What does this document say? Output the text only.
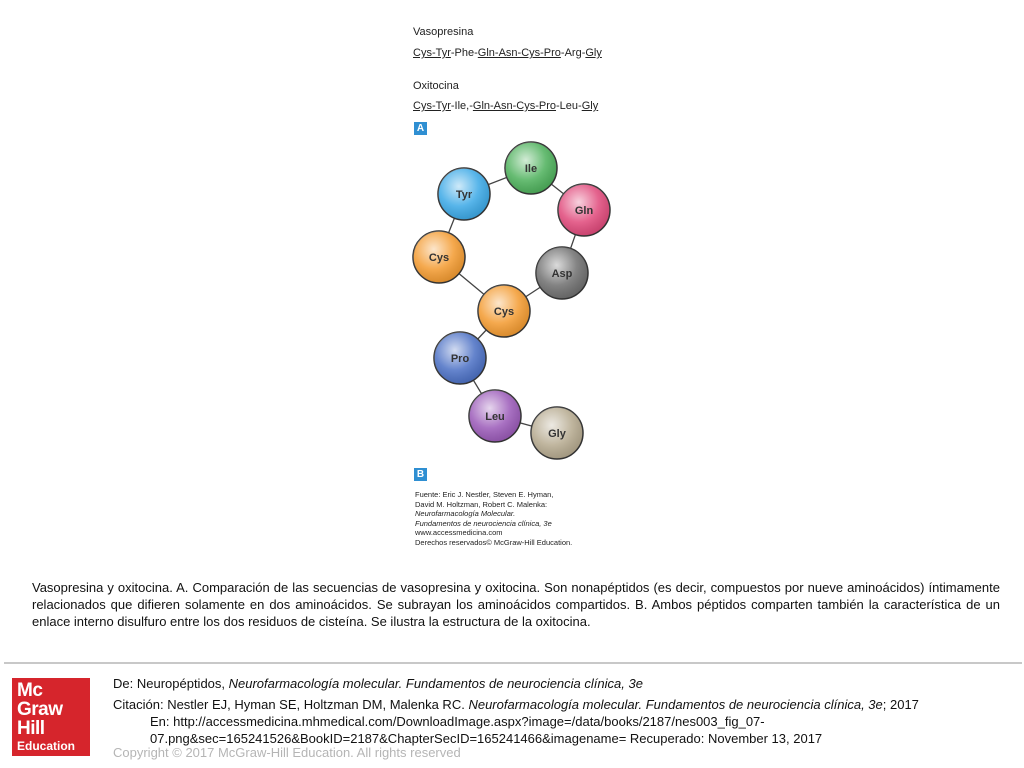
Vasopresina
Cys-Tyr-Phe-Gln-Asn-Cys-Pro-Arg-Gly
Oxitocina
Cys-Tyr-Ile,-Gln-Asn-Cys-Pro-Leu-Gly
A
Ile
Tyr
Gln
Cys
Asp
Cys
Pro
Leu
Gly
B
Fuente: Eric J. Nestler, Steven E. Hyman,
David M. Holtzman, Robert C. Malenka:
Neurofarmacología Molecular.
Fundamentos de neurociencia clínica, 3e
www.accessmedicina.com
Derechos reservados© McGraw-Hill Education.
Vasopresina y oxitocina. A. Comparación de las secuencias de vasopresina y oxitocina. Son nonapéptidos (es decir, compuestos por nueve aminoácidos) íntimamente relacionados que difieren solamente en dos aminoácidos. Se subrayan los aminoácidos compartidos. B. Ambos péptidos comparten también la característica de un enlace interno disulfuro entre los dos residuos de cisteína. Se ilustra la estructura de la oxitocina.
Mc
Graw
Hill
Education
De: Neuropéptidos, Neurofarmacología molecular. Fundamentos de neurociencia clínica, 3e
Citación: Nestler EJ, Hyman SE, Holtzman DM, Malenka RC. Neurofarmacología molecular. Fundamentos de neurociencia clínica, 3e; 2017
En: http://accessmedicina.mhmedical.com/DownloadImage.aspx?image=/data/books/2187/nes003_fig_07-
07.png&sec=165241526&BookID=2187&ChapterSecID=165241466&imagename= Recuperado: November 13, 2017
Copyright © 2017 McGraw-Hill Education. All rights reserved
